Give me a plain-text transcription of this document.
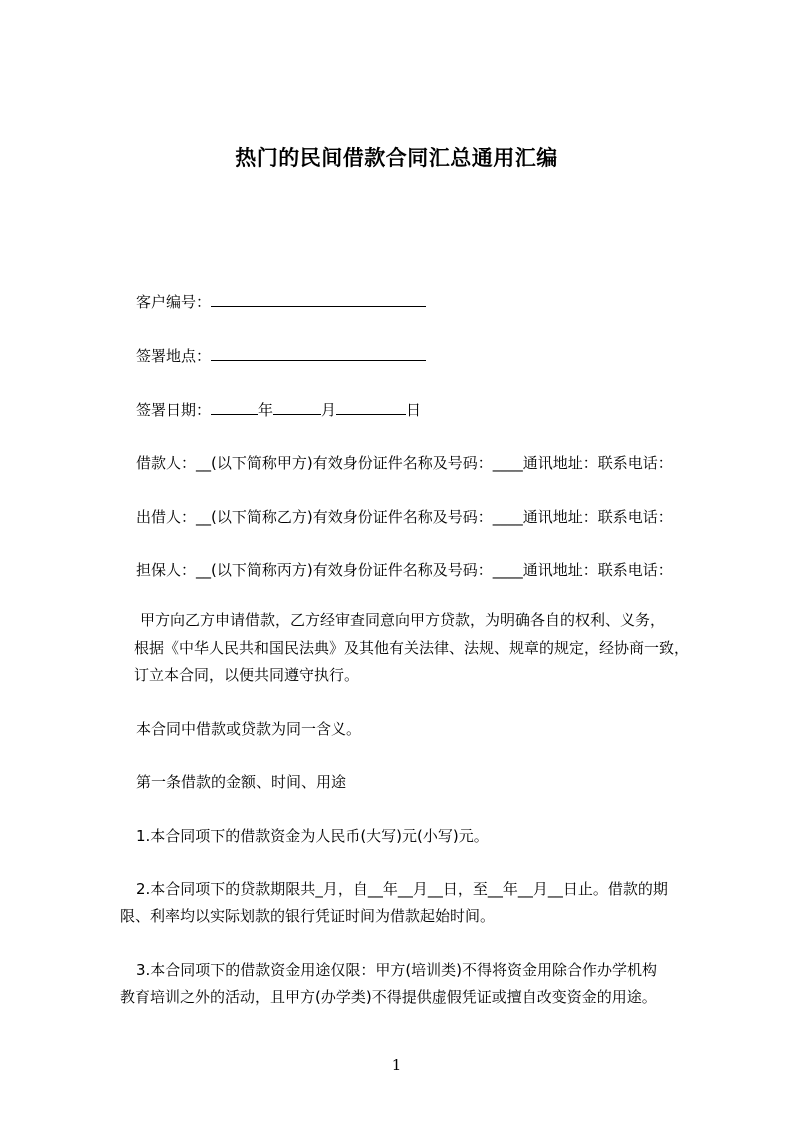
热门的民间借款合同汇总通用汇编
客户编号：
签署地点：
签署日期：	年	月	日
借款人：__(以下简称甲方)有效身份证件名称及号码：____通讯地址：联系电话：
出借人：__(以下简称乙方)有效身份证件名称及号码：____通讯地址：联系电话：
担保人：__(以下简称丙方)有效身份证件名称及号码：____通讯地址：联系电话：
甲方向乙方申请借款，乙方经审查同意向甲方贷款，为明确各自的权利、义务，
根据《中华人民共和国民法典》及其他有关法律、法规、规章的规定，经协商一致，
订立本合同，以便共同遵守执行。
本合同中借款或贷款为同一含义。
第一条借款的金额、时间、用途
1.本合同项下的借款资金为人民币(大写)元(小写)元。
2.本合同项下的贷款期限共_月，自__年__月__日，至__年__月__日止。借款的期
限、利率均以实际划款的银行凭证时间为借款起始时间。
3.本合同项下的借款资金用途仅限：甲方(培训类)不得将资金用除合作办学机构
教育培训之外的活动，且甲方(办学类)不得提供虚假凭证或擅自改变资金的用途。
1
